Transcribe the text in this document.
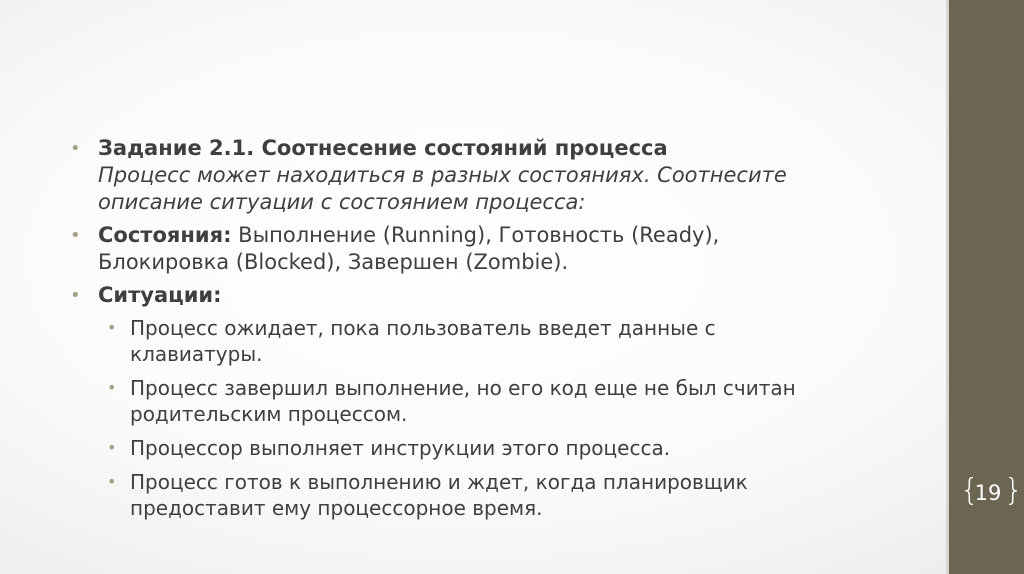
{
19 }
• Задание 2.1. Соотнесение состояний процесса
Процесс может находиться в разных состояниях. Соотнесите
описание ситуации с состоянием процесса:
• Состояния: Выполнение (Running), Готовность (Ready),
Блокировка (Blocked), Завершен (Zombie).
• Ситуации:
• Процесс ожидает, пока пользователь введет данные с
клавиатуры.
• Процесс завершил выполнение, но его код еще не был считан
родительским процессом.
• Процессор выполняет инструкции этого процесса.
• Процесс готов к выполнению и ждет, когда планировщик
предоставит ему процессорное время.
